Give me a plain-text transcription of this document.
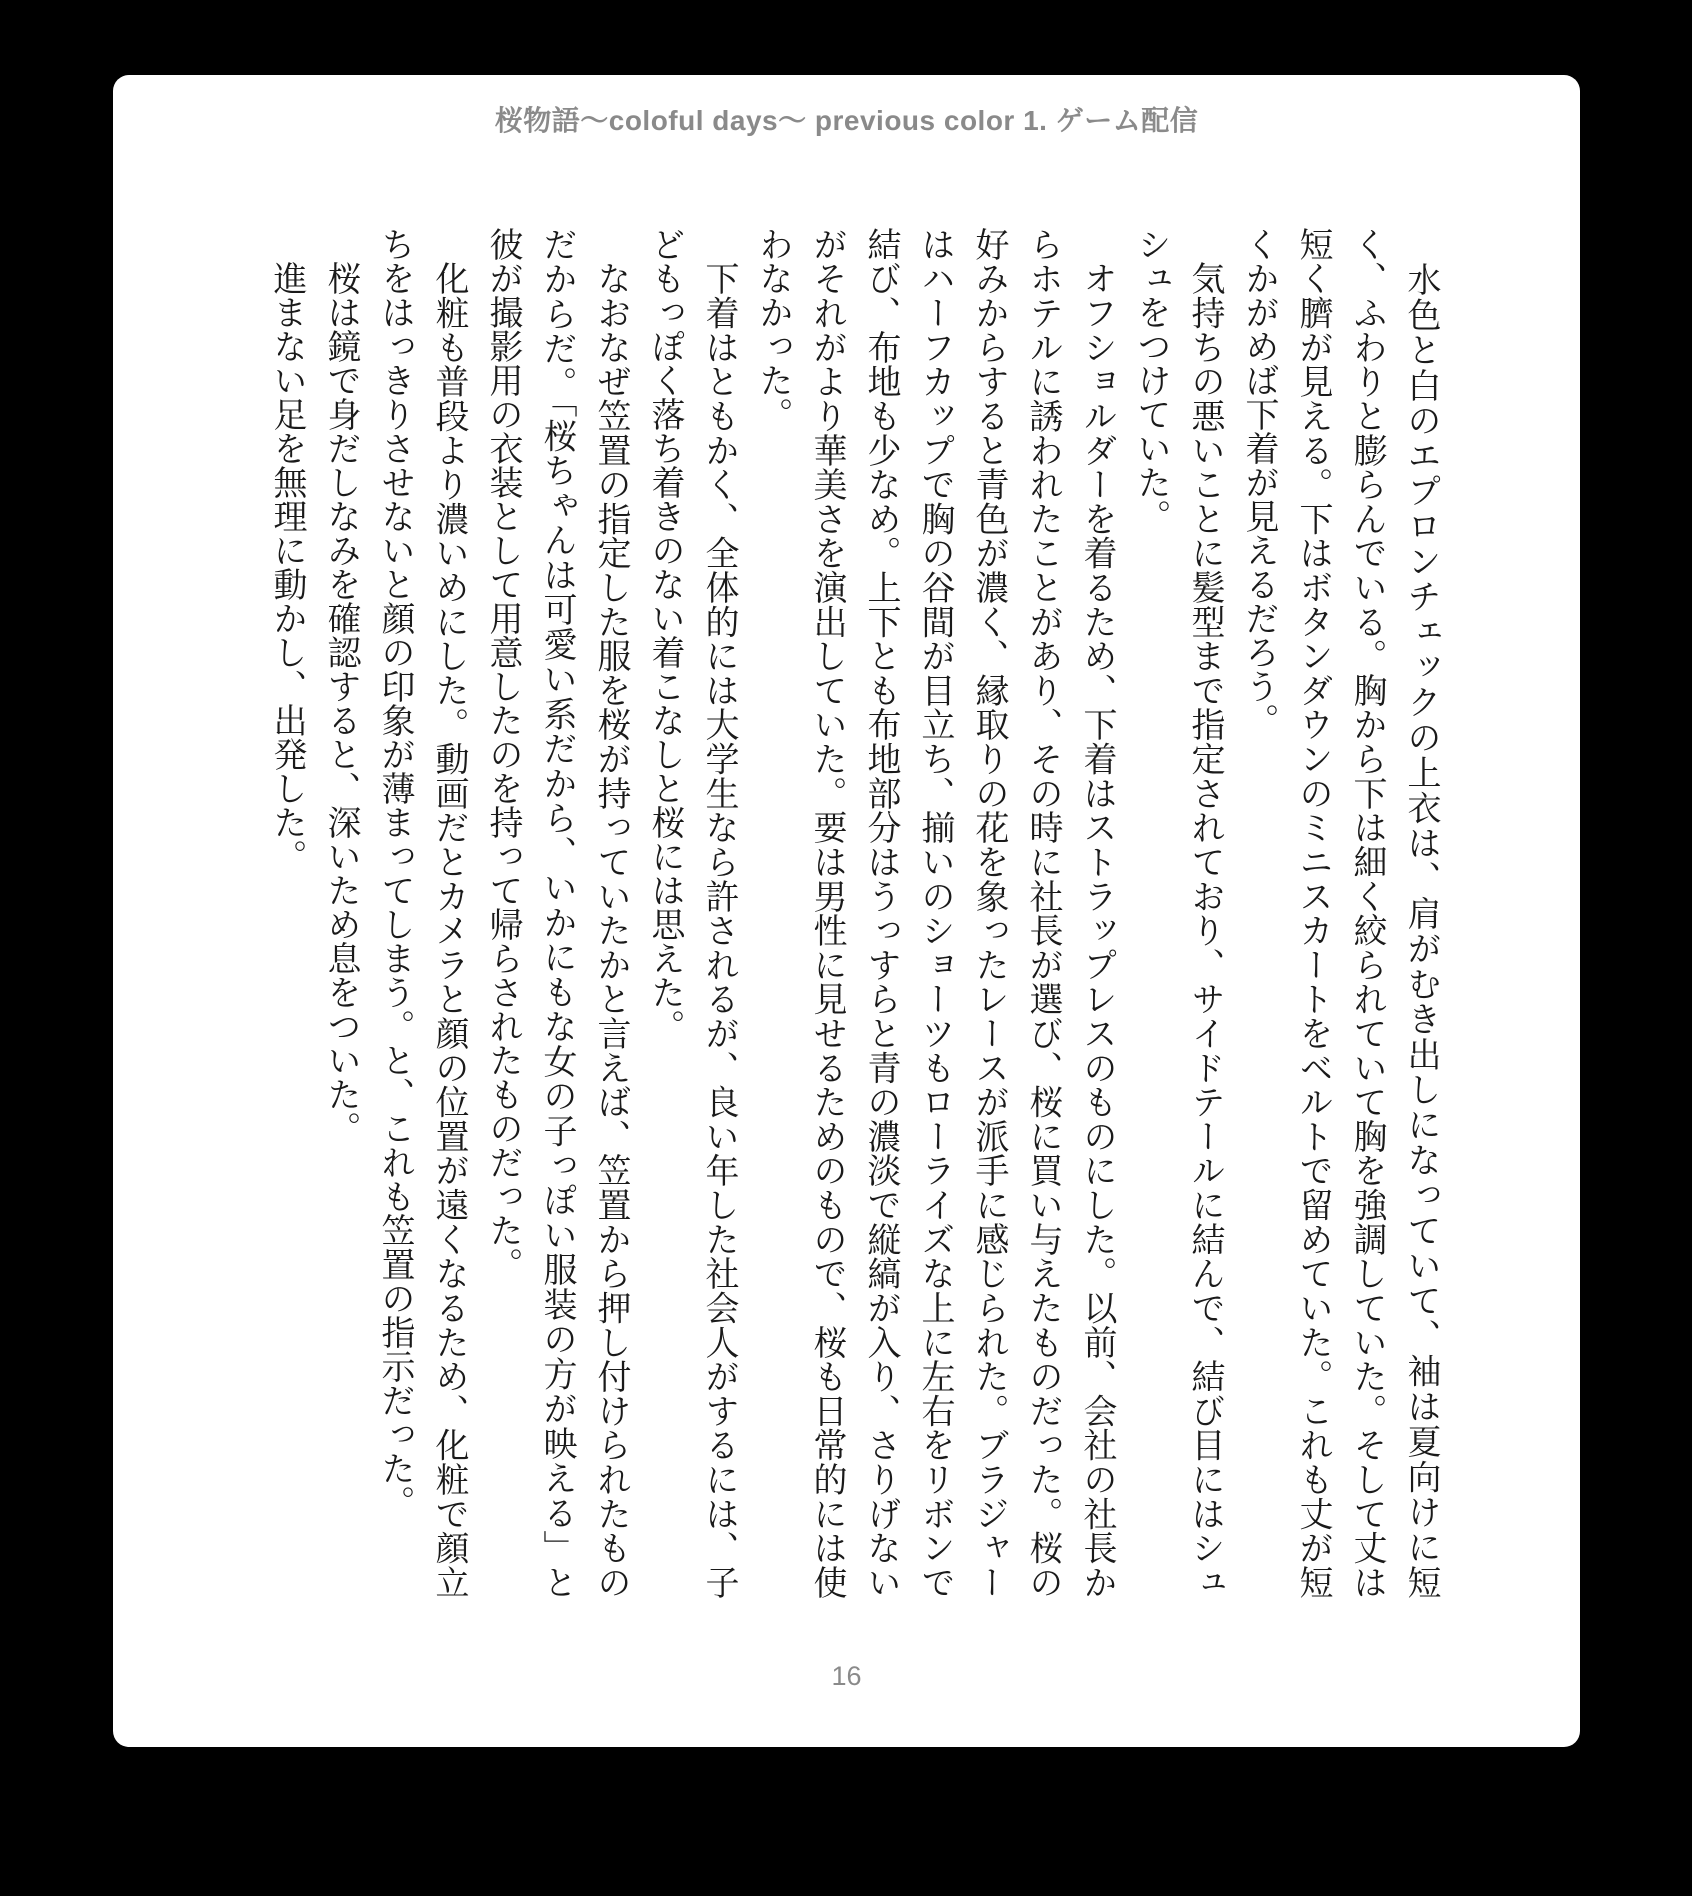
桜物語〜coloful days〜 previous color 1. ゲーム配信

　水色と白のエプロンチェックの上衣は、肩がむき出しになっていて、袖は夏向けに短

く、ふわりと膨らんでいる。胸から下は細く絞られていて胸を強調していた。そして丈は

短く臍が見える。下はボタンダウンのミニスカートをベルトで留めていた。これも丈が短

くかがめば下着が見えるだろう。

　気持ちの悪いことに髪型まで指定されており、サイドテールに結んで、結び目にはシュ

シュをつけていた。

　オフショルダーを着るため、下着はストラップレスのものにした。以前、会社の社長か

らホテルに誘われたことがあり、その時に社長が選び、桜に買い与えたものだった。桜の

好みからすると青色が濃く、縁取りの花を象ったレースが派手に感じられた。ブラジャー

はハーフカップで胸の谷間が目立ち、揃いのショーツもローライズな上に左右をリボンで

結び、布地も少なめ。上下とも布地部分はうっすらと青の濃淡で縦縞が入り、さりげない

がそれがより華美さを演出していた。要は男性に見せるためのもので、桜も日常的には使

わなかった。

　下着はともかく、全体的には大学生なら許されるが、良い年した社会人がするには、子

どもっぽく落ち着きのない着こなしと桜には思えた。

　なおなぜ笠置の指定した服を桜が持っていたかと言えば、笠置から押し付けられたもの

だからだ。「桜ちゃんは可愛い系だから、いかにもな女の子っぽい服装の方が映える」と

彼が撮影用の衣装として用意したのを持って帰らされたものだった。

　化粧も普段より濃いめにした。動画だとカメラと顔の位置が遠くなるため、化粧で顔立

ちをはっきりさせないと顔の印象が薄まってしまう。と、これも笠置の指示だった。

　桜は鏡で身だしなみを確認すると、深いため息をついた。

　進まない足を無理に動かし、出発した。

16
